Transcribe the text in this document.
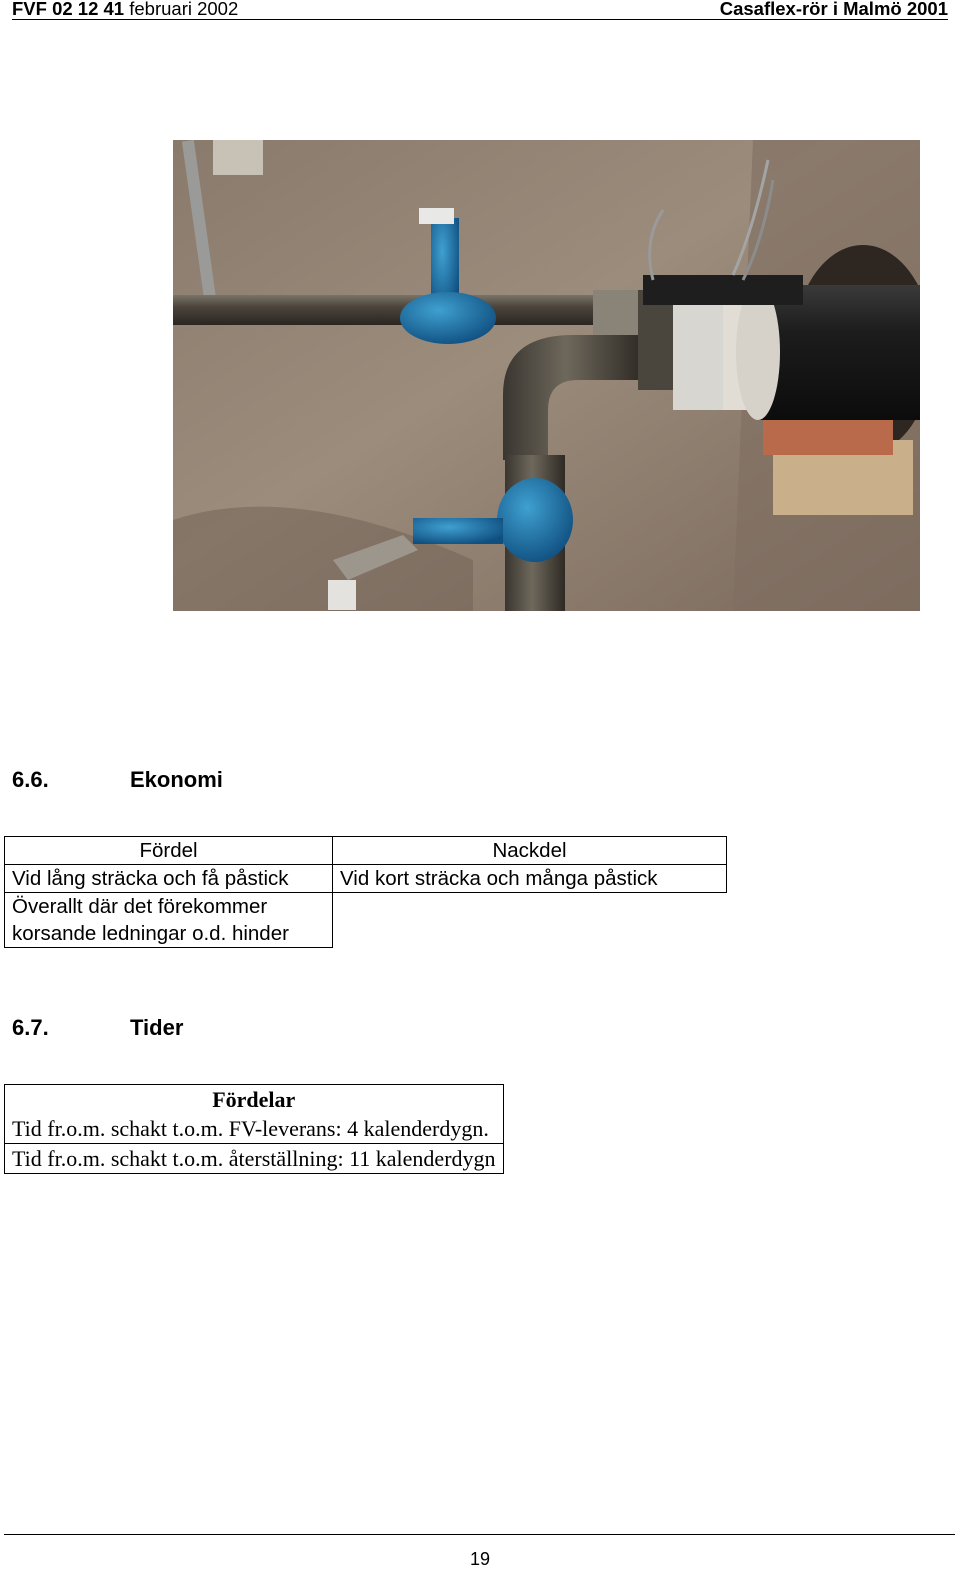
FVF 02 12 41 februari 2002	Casaflex-rör i Malmö 2001
6.6.	Ekonomi
Fördel	Nackdel

Vid lång sträcka och få påstick	Vid kort sträcka och många påstick

Överallt där det förekommer
korsande ledningar o.d. hinder	

6.7.	Tider
Fördelar
Tid fr.o.m. schakt t.o.m. FV-leverans: 4 kalenderdygn.
Tid fr.o.m. schakt t.o.m. återställning: 11 kalenderdygn
19
